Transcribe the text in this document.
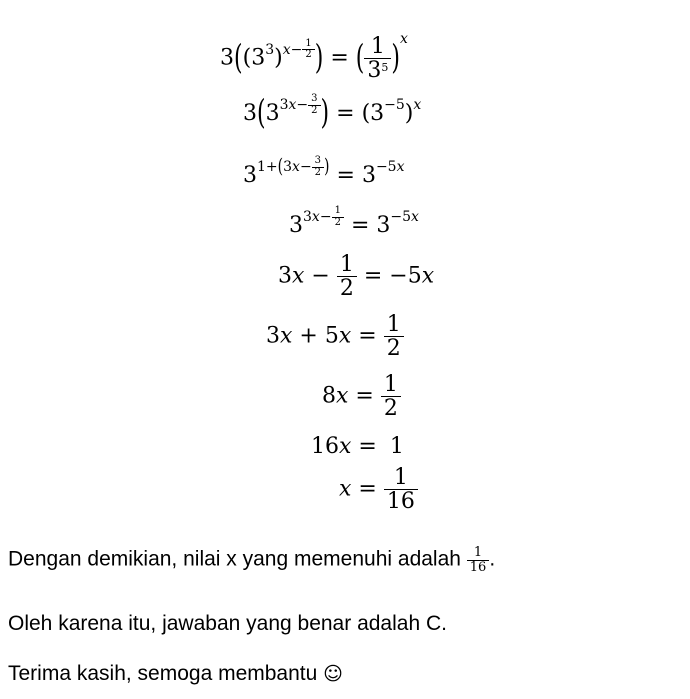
$3((33)x- \frac{1}{2}$ ) = ( $\frac{1}{35} )x$
$3(33x- \frac{3}{2}$ ) = (3−5)x
$31+(3x- \frac{3}{2}$ ) = 3−5x
$33x- \frac{1}{2} = 3-5x$
$3x - \frac{1}{2} = -5x$
$3x + 5x = \frac{1}{2}$
$8x = \frac{1}{2}$
16x = 1
$x = \frac{1}{16}$
Dengan demikian, nilai x yang memenuhi adalah $\frac{1}{16}$ .
Oleh karena itu, jawaban yang benar adalah C.
Terima kasih, semoga membantu ☺
